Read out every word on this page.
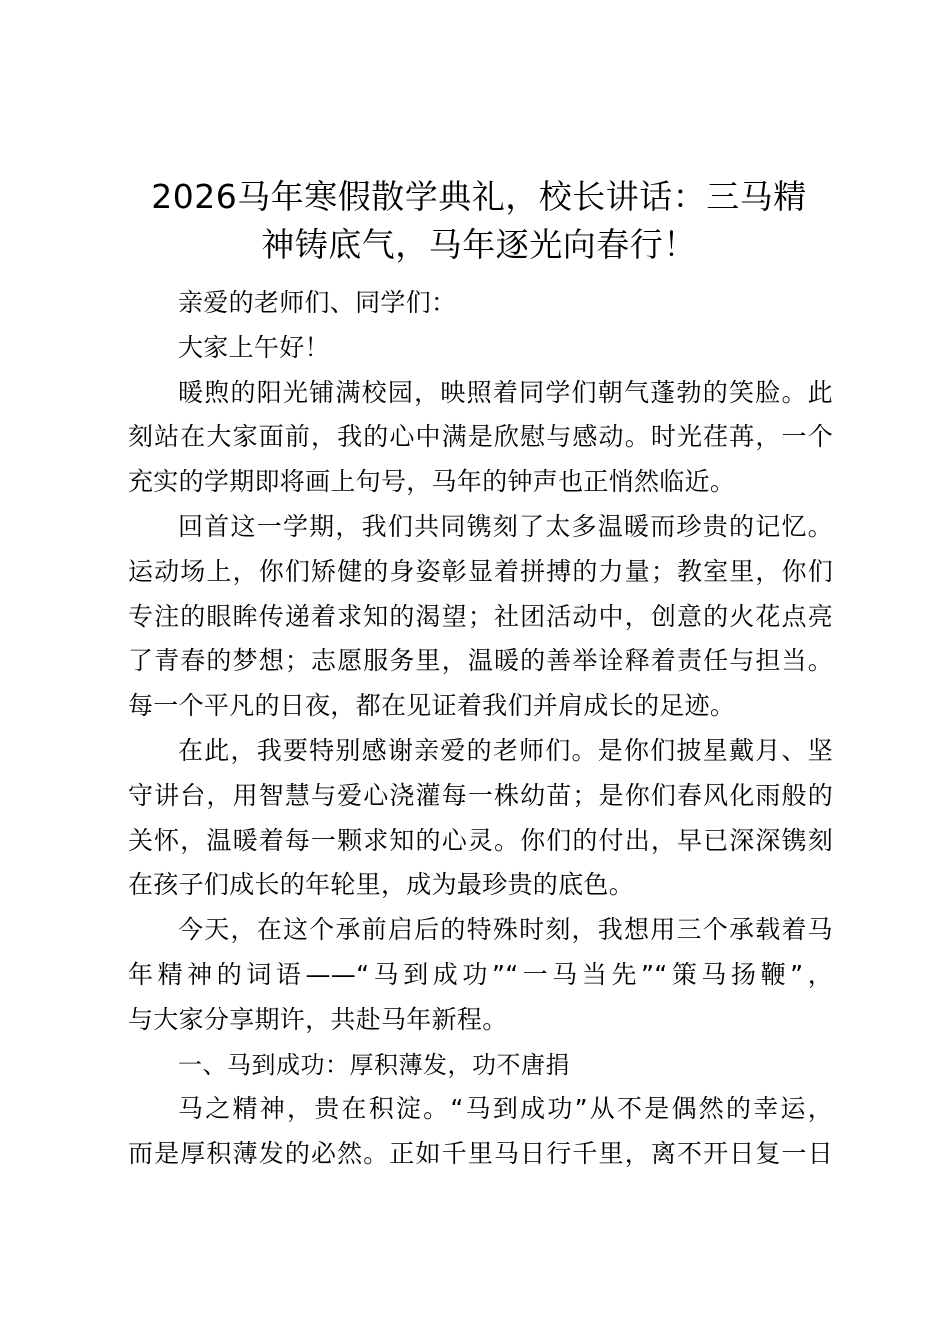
2026马年寒假散学典礼，校长讲话：三马精
神铸底气，马年逐光向春行！

亲爱的老师们、同学们：

大家上午好！

暖煦的阳光铺满校园，映照着同学们朝气蓬勃的笑脸。此
刻站在大家面前，我的心中满是欣慰与感动。时光荏苒，一个
充实的学期即将画上句号，马年的钟声也正悄然临近。

回首这一学期，我们共同镌刻了太多温暖而珍贵的记忆。
运动场上，你们矫健的身姿彰显着拼搏的力量；教室里，你们
专注的眼眸传递着求知的渴望；社团活动中，创意的火花点亮
了青春的梦想；志愿服务里，温暖的善举诠释着责任与担当。
每一个平凡的日夜，都在见证着我们并肩成长的足迹。

在此，我要特别感谢亲爱的老师们。是你们披星戴月、坚
守讲台，用智慧与爱心浇灌每一株幼苗；是你们春风化雨般的
关怀，温暖着每一颗求知的心灵。你们的付出，早已深深镌刻
在孩子们成长的年轮里，成为最珍贵的底色。

今天，在这个承前启后的特殊时刻，我想用三个承载着马
年精神的词语——“马到成功”“一马当先”“策马扬鞭”，
与大家分享期许，共赴马年新程。

一、马到成功：厚积薄发，功不唐捐

马之精神，贵在积淀。“马到成功”从不是偶然的幸运，
而是厚积薄发的必然。正如千里马日行千里，离不开日复一日
